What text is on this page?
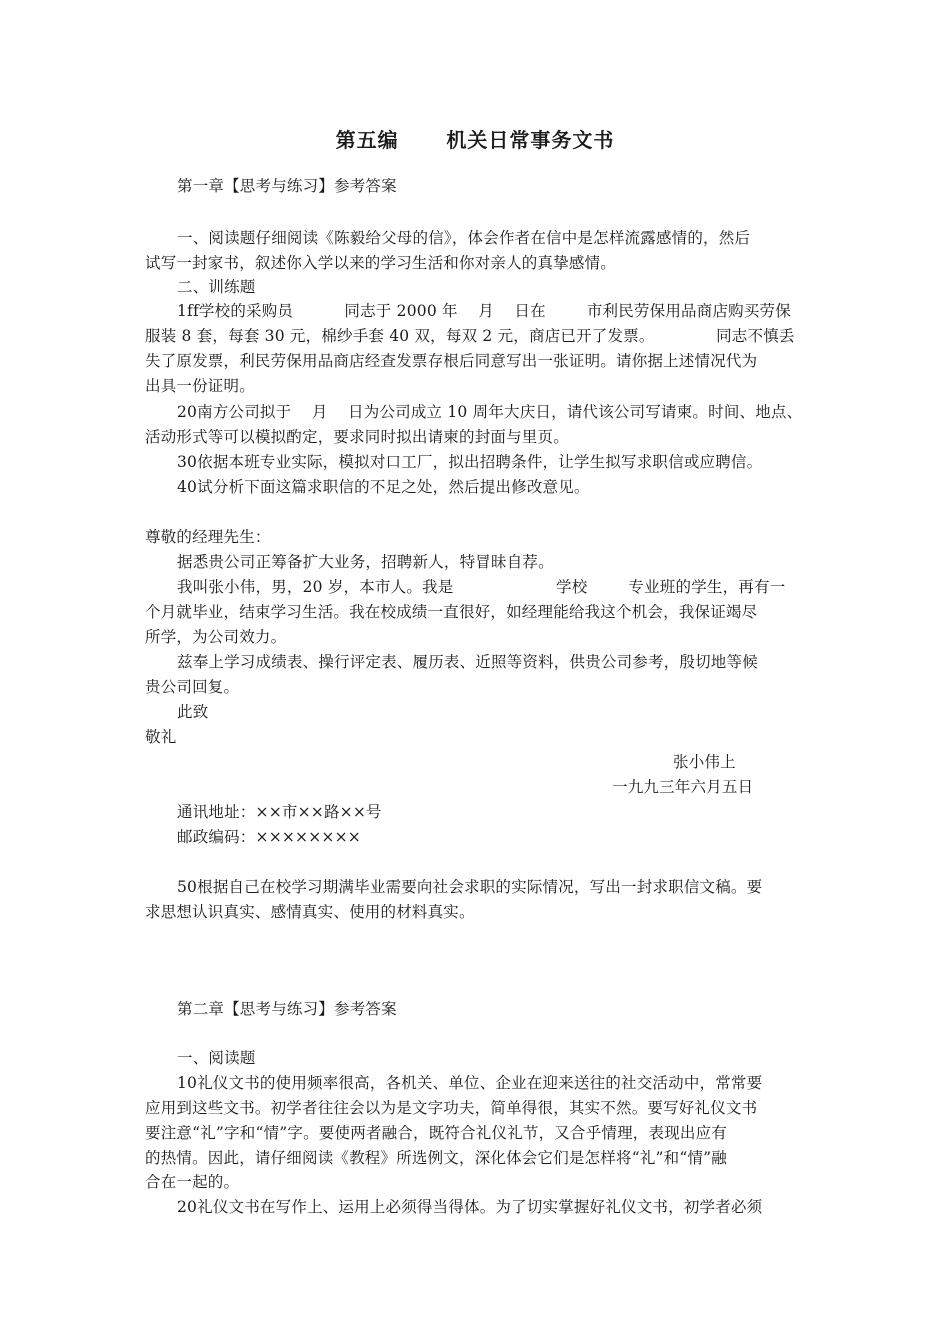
第五编      机关日常事务文书
第一章【思考与练习】参考答案
一、阅读题仔细阅读《陈毅给父母的信》，体会作者在信中是怎样流露感情的，然后
试写一封家书，叙述你入学以来的学习生活和你对亲人的真挚感情。
二、训练题
1ff学校的采购员          同志于 2000 年    月    日在        市利民劳保用品商店购买劳保
服装 8 套，每套 30 元，棉纱手套 40 双，每双 2 元，商店已开了发票。            同志不慎丢
失了原发票，利民劳保用品商店经查发票存根后同意写出一张证明。请你据上述情况代为
出具一份证明。
20南方公司拟于    月    日为公司成立 10 周年大庆日，请代该公司写请柬。时间、地点、
活动形式等可以模拟酌定，要求同时拟出请柬的封面与里页。
30依据本班专业实际，模拟对口工厂，拟出招聘条件，让学生拟写求职信或应聘信。
40试分析下面这篇求职信的不足之处，然后提出修改意见。
尊敬的经理先生：
据悉贵公司正筹备扩大业务，招聘新人，特冒昧自荐。
我叫张小伟，男，20 岁，本市人。我是                    学校        专业班的学生，再有一
个月就毕业，结束学习生活。我在校成绩一直很好，如经理能给我这个机会，我保证竭尽
所学，为公司效力。
兹奉上学习成绩表、操行评定表、履历表、近照等资料，供贵公司参考，殷切地等候
贵公司回复。
此致
敬礼
张小伟上
一九九三年六月五日
通讯地址：××市××路××号
邮政编码：××××××××
50根据自己在校学习期满毕业需要向社会求职的实际情况，写出一封求职信文稿。要
求思想认识真实、感情真实、使用的材料真实。
第二章【思考与练习】参考答案
一、阅读题
10礼仪文书的使用频率很高，各机关、单位、企业在迎来送往的社交活动中，常常要
应用到这些文书。初学者往往会以为是文字功夫，简单得很，其实不然。要写好礼仪文书
要注意“礼”字和“情”字。要使两者融合，既符合礼仪礼节，又合乎情理，表现出应有
的热情。因此，请仔细阅读《教程》所选例文，深化体会它们是怎样将“礼”和“情”融
合在一起的。
20礼仪文书在写作上、运用上必须得当得体。为了切实掌握好礼仪文书，初学者必须
